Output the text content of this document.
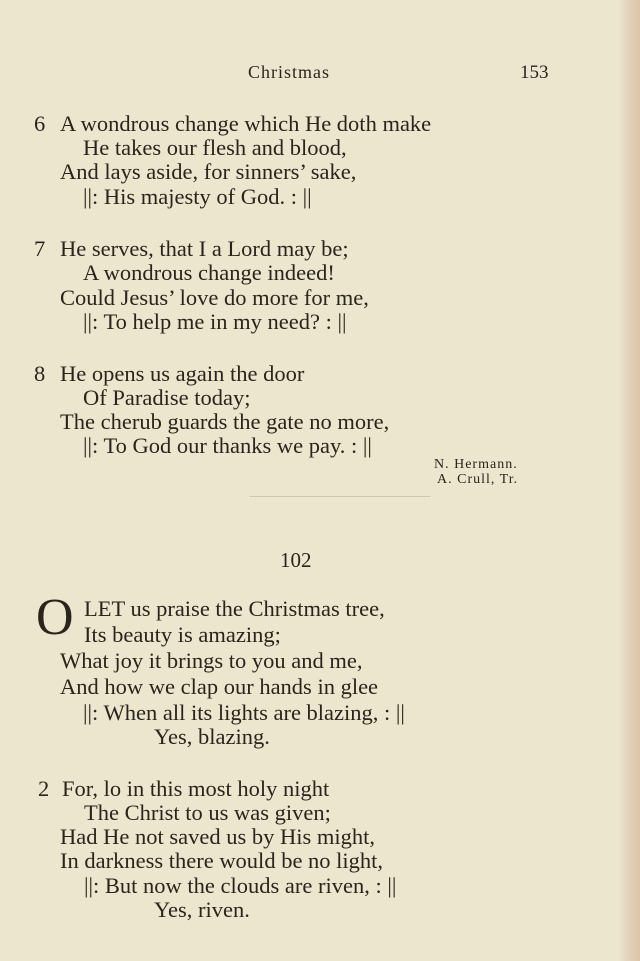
Christmas	153
6 A wondrous change which He doth make
He takes our flesh and blood,
And lays aside, for sinners’ sake,
||: His majesty of God. : ||
7 He serves, that I a Lord may be;
A wondrous change indeed!
Could Jesus’ love do more for me,
||: To help me in my need? : ||
8 He opens us again the door
Of Paradise today;
The cherub guards the gate no more,
||: To God our thanks we pay. : ||
N. Hermann.
A. Crull, Tr.
102
O LET us praise the Christmas tree,
Its beauty is amazing;
What joy it brings to you and me,
And how we clap our hands in glee
||: When all its lights are blazing, : ||
Yes, blazing.
2 For, lo in this most holy night
The Christ to us was given;
Had He not saved us by His might,
In darkness there would be no light,
||: But now the clouds are riven, : ||
Yes, riven.
